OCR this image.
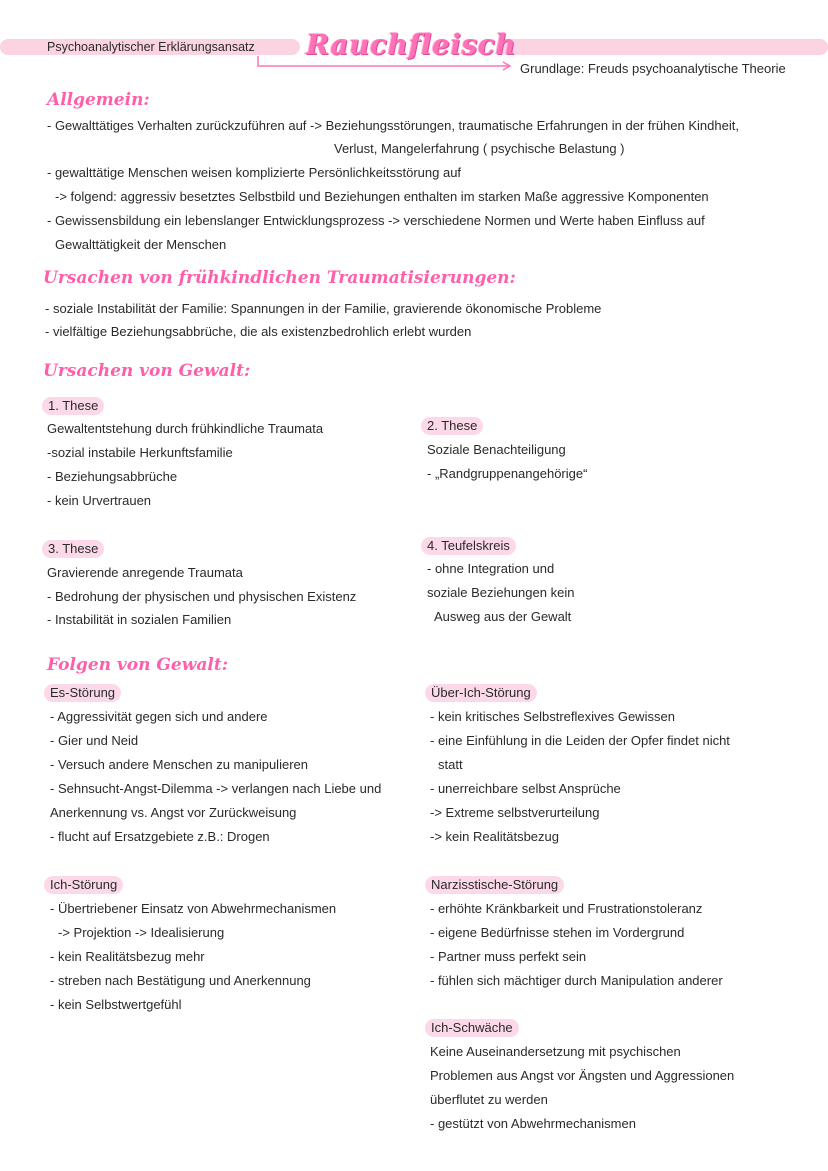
Psychoanalytischer Erklärungsansatz Rauchfleisch
Grundlage: Freuds psychoanalytische Theorie
Allgemein:
- Gewalttätiges Verhalten zurückzuführen auf -> Beziehungsstörungen, traumatische Erfahrungen in der frühen Kindheit,
Verlust, Mangelerfahrung ( psychische Belastung )
- gewalttätige Menschen weisen komplizierte Persönlichkeitsstörung auf
-> folgend: aggressiv besetztes Selbstbild und Beziehungen enthalten im starken Maße aggressive Komponenten
- Gewissensbildung ein lebenslanger Entwicklungsprozess -> verschiedene Normen und Werte haben Einfluss auf
Gewalttätigkeit der Menschen
Ursachen von frühkindlichen Traumatisierungen:
- soziale Instabilität der Familie: Spannungen in der Familie, gravierende ökonomische Probleme
- vielfältige Beziehungsabbrüche, die als existenzbedrohlich erlebt wurden
Ursachen von Gewalt:
1. These
Gewaltentstehung durch frühkindliche Traumata
-sozial instabile Herkunftsfamilie
- Beziehungsabbrüche
- kein Urvertrauen
2. These
Soziale Benachteiligung
- „Randgruppenangehörige“
3. These
Gravierende anregende Traumata
- Bedrohung der physischen und physischen Existenz
- Instabilität in sozialen Familien
4. Teufelskreis
- ohne Integration und
soziale Beziehungen kein
Ausweg aus der Gewalt
Folgen von Gewalt:
Es-Störung
- Aggressivität gegen sich und andere
- Gier und Neid
- Versuch andere Menschen zu manipulieren
- Sehnsucht-Angst-Dilemma -> verlangen nach Liebe und
Anerkennung vs. Angst vor Zurückweisung
- flucht auf Ersatzgebiete z.B.: Drogen
Über-Ich-Störung
- kein kritisches Selbstreflexives Gewissen
- eine Einfühlung in die Leiden der Opfer findet nicht
statt
- unerreichbare selbst Ansprüche
-> Extreme selbstverurteilung
-> kein Realitätsbezug
Ich-Störung
- Übertriebener Einsatz von Abwehrmechanismen
-> Projektion -> Idealisierung
- kein Realitätsbezug mehr
- streben nach Bestätigung und Anerkennung
- kein Selbstwertgefühl
Narzisstische-Störung
- erhöhte Kränkbarkeit und Frustrationstoleranz
- eigene Bedürfnisse stehen im Vordergrund
- Partner muss perfekt sein
- fühlen sich mächtiger durch Manipulation anderer
Ich-Schwäche
Keine Auseinandersetzung mit psychischen
Problemen aus Angst vor Ängsten und Aggressionen
überflutet zu werden
- gestützt von Abwehrmechanismen
